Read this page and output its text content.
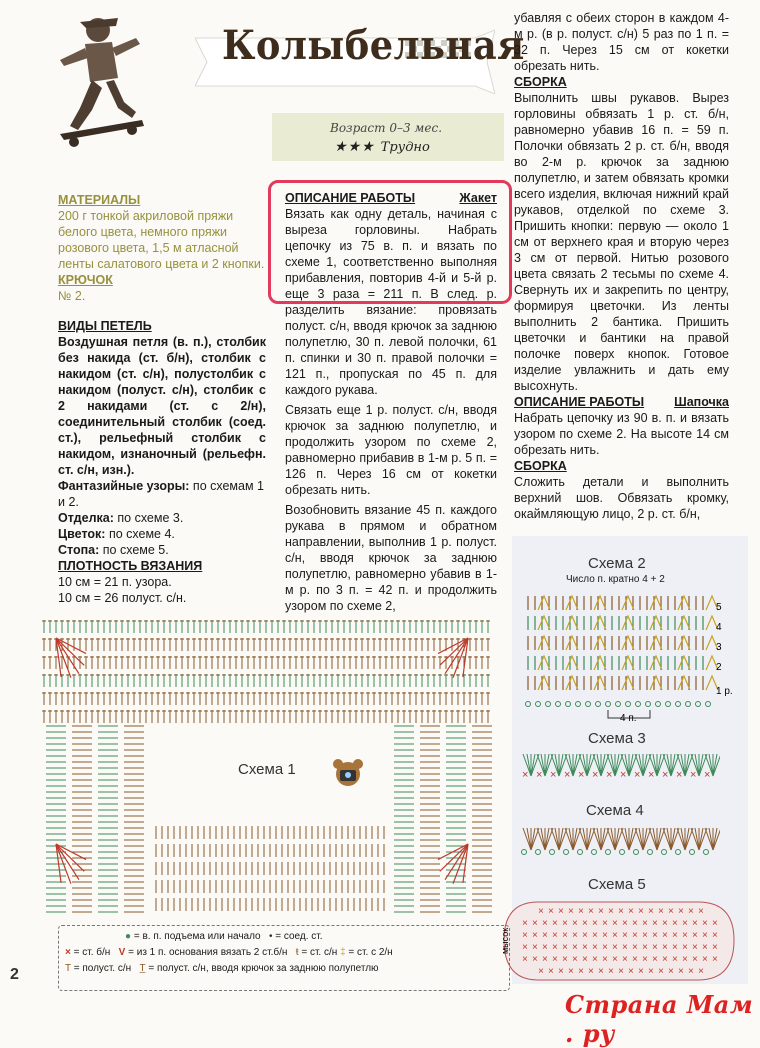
Колыбельная
Возраст 0–3 мес.
★★★ Трудно

МАТЕРИАЛЫ

200 г тонкой акриловой пряжи белого цвета, немного пряжи розового цвета, 1,5 м атласной ленты салатового цвета и 2 кнопки.

КРЮЧОК

№ 2.

ВИДЫ ПЕТЕЛЬ

Воздушная петля (в. п.), столбик без накида (ст. б/н), столбик с накидом (ст. с/н), полустолбик с накидом (полуст. с/н), столбик с 2 накидами (ст. с 2/н), соединительный столбик (соед. ст.), рельефный столбик с накидом, изнаночный (рельефн. ст. с/н, изн.).

Фантазийные узоры: по схемам 1 и 2.

Отделка: по схеме 3.

Цветок: по схеме 4.

Стопа: по схеме 5.

ПЛОТНОСТЬ ВЯЗАНИЯ

10 см = 21 п. узора.

10 см = 26 полуст. с/н.

ОПИСАНИЕ РАБОТЫ	Жакет

Вязать как одну деталь, начиная с выреза горловины. Набрать цепочку из 75 в. п. и вязать по схеме 1, соответственно выполняя прибавления, повторив 4-й и 5-й р. еще 3 раза = 211 п. В след. р. разделить вязание: провязать полуст. с/н, вводя крючок за заднюю полупетлю, 30 п. левой полочки, 61 п. спинки и 30 п. правой полочки = 121 п., пропуская по 45 п. для каждого рукава.

Связать еще 1 р. полуст. с/н, вводя крючок за заднюю полупетлю, и продолжить узором по схеме 2, равномерно прибавив в 1-м р. 5 п. = 126 п. Через 16 см от кокетки обрезать нить.

Возобновить вязание 45 п. каждого рукава в прямом и обратном направлении, выполнив 1 р. полуст. с/н, вводя крючок за заднюю полупетлю, равномерно убавив в 1-м р. по 3 п. = 42 п. и продолжить узором по схеме 2,

убавляя с обеих сторон в каждом 4-м р. (в р. полуст. с/н) 5 раз по 1 п. = 32 п. Через 15 см от кокетки обрезать нить.

СБОРКА

Выполнить швы рукавов. Вырез горловины обвязать 1 р. ст. б/н, равномерно убавив 16 п. = 59 п. Полочки обвязать 2 р. ст. б/н, вводя во 2-м р. крючок за заднюю полупетлю, и затем обвязать кромки всего изделия, включая нижний край рукавов, отделкой по схеме 3. Пришить кнопки: первую — около 1 см от верхнего края и вторую через 3 см от первой. Нитью розового цвета связать 2 тесьмы по схеме 4. Свернуть их и закрепить по центру, формируя цветочки. Из ленты выполнить 2 бантика. Пришить цветочки и бантики на правой полочке поверх кнопок. Готовое изделие увлажнить и дать ему высохнуть.

ОПИСАНИЕ РАБОТЫ Шапочка

Набрать цепочку из 90 в. п. и вязать узором по схеме 2. На высоте 14 см обрезать нить.

СБОРКА

Сложить детали и выполнить верхний шов. Обвязать кромку, окаймляющую лицо, 2 р. ст. б/н,

Схема 1
Схема 2
Число п. кратно 4 + 2
5
4
3
2
1 р.
4 п.
Схема 3
× × × × × × × × × × × × × ×
Схема 4
Схема 5
× × × × × × × × × × × × × × × × ×
× × × × × × × × × × × × × × × × × × × ×
× × × × × × × × × × × × × × × × × × × ×
× × × × × × × × × × × × × × × × × × × ×
× × × × × × × × × × × × × × × × × × × ×
× × × × × × × × × × × × × × × × ×
мысок
● = в. п. подъема или начало • = соед. ст.
× = ст. б/н V = из 1 п. основания вязать 2 ст.б/н ŧ = ст. с/н ‡ = ст. с 2/н
T = полуст. с/н T̲ = полуст. с/н, вводя крючок за заднюю полупетлю
2
Страна Мам . ру
